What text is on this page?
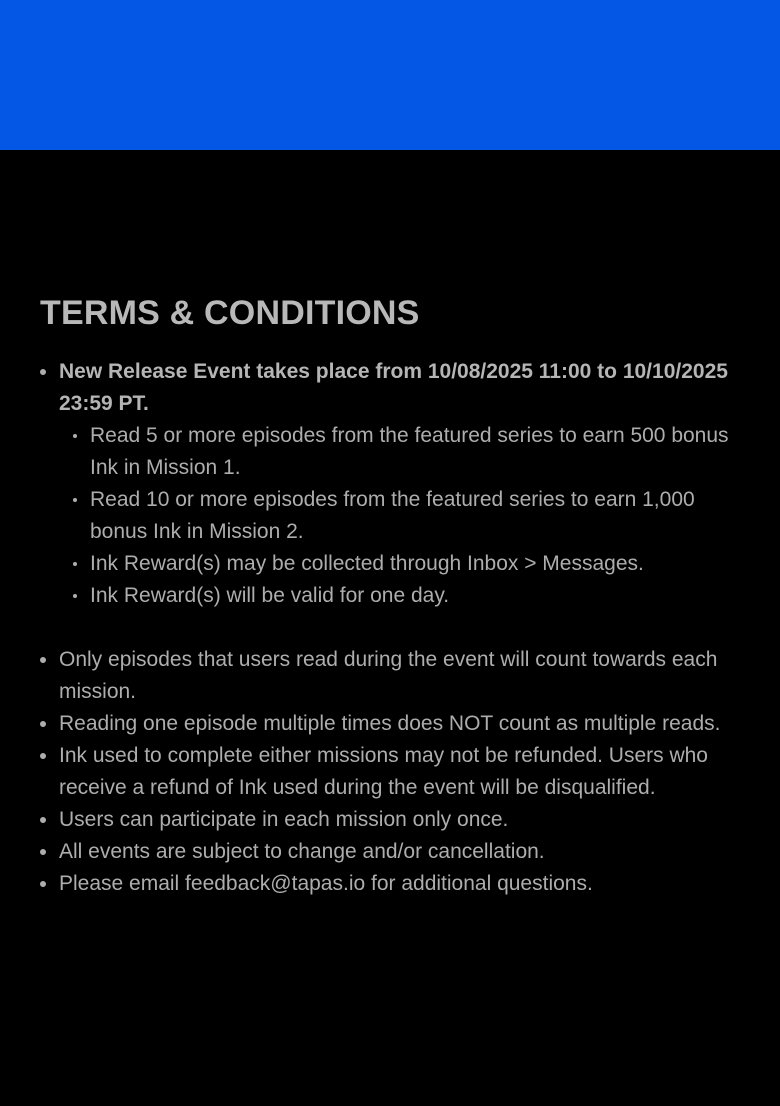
TERMS & CONDITIONS
New Release Event takes place from 10/08/2025 11:00 to 10/10/2025 23:59 PT.
Read 5 or more episodes from the featured series to earn 500 bonus Ink in Mission 1.
Read 10 or more episodes from the featured series to earn 1,000 bonus Ink in Mission 2.
Ink Reward(s) may be collected through Inbox > Messages.
Ink Reward(s) will be valid for one day.
Only episodes that users read during the event will count towards each mission.
Reading one episode multiple times does NOT count as multiple reads.
Ink used to complete either missions may not be refunded. Users who receive a refund of Ink used during the event will be disqualified.
Users can participate in each mission only once.
All events are subject to change and/or cancellation.
Please email feedback@tapas.io for additional questions.
